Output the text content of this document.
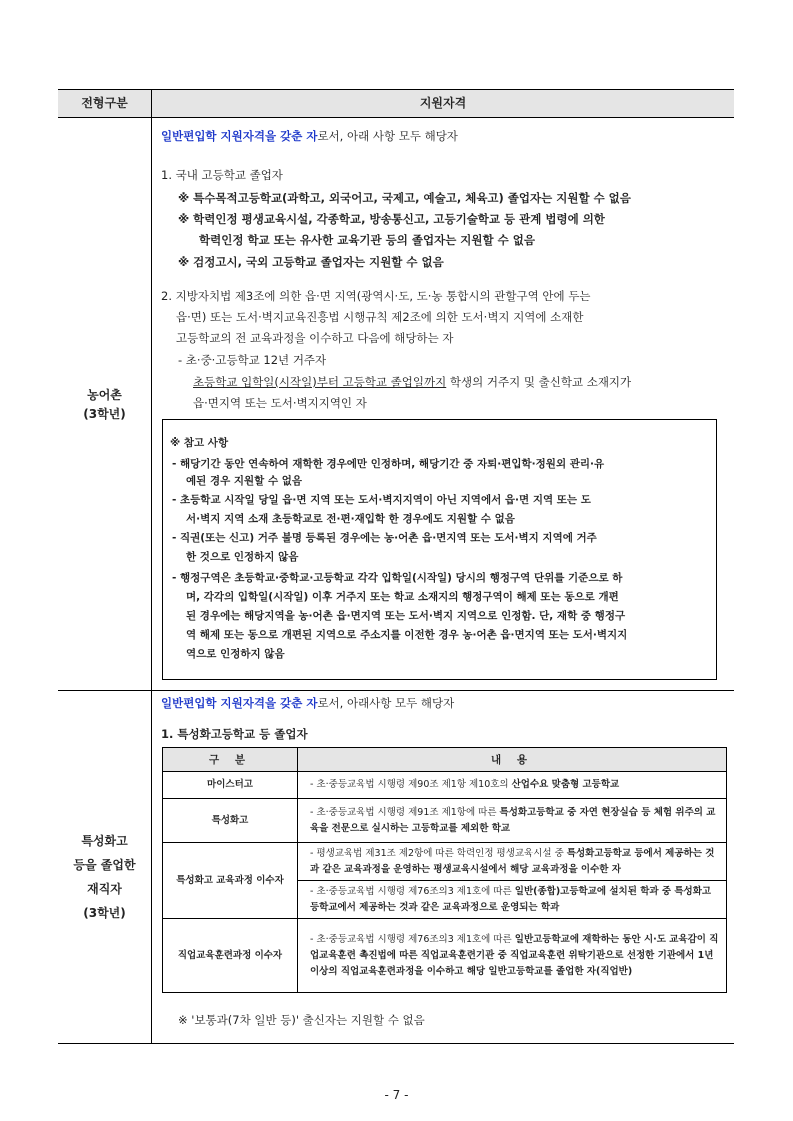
전형구분	지원자격
농어촌
(3학년)
일반편입학 지원자격을 갖춘 자로서, 아래 사항 모두 해당자
1. 국내 고등학교 졸업자
※ 특수목적고등학교(과학고, 외국어고, 국제고, 예술고, 체육고) 졸업자는 지원할 수 없음
※ 학력인정 평생교육시설, 각종학교, 방송통신고, 고등기술학교 등 관계 법령에 의한
학력인정 학교 또는 유사한 교육기관 등의 졸업자는 지원할 수 없음
※ 검정고시, 국외 고등학교 졸업자는 지원할 수 없음
2. 지방자치법 제3조에 의한 읍·면 지역(광역시·도, 도·농 통합시의 관할구역 안에 두는
읍·면) 또는 도서·벽지교육진흥법 시행규칙 제2조에 의한 도서·벽지 지역에 소재한
고등학교의 전 교육과정을 이수하고 다음에 해당하는 자
- 초·중·고등학교 12년 거주자
초등학교 입학일(시작일)부터 고등학교 졸업일까지 학생의 거주지 및 출신학교 소재지가
읍·면지역 또는 도서·벽지지역인 자
※ 참고 사항
- 해당기간 동안 연속하여 재학한 경우에만 인정하며, 해당기간 중 자퇴·편입학·정원외 관리·유
예된 경우 지원할 수 없음
- 초등학교 시작일 당일 읍·면 지역 또는 도서·벽지지역이 아닌 지역에서 읍·면 지역 또는 도
서·벽지 지역 소재 초등학교로 전·편·재입학 한 경우에도 지원할 수 없음
- 직권(또는 신고) 거주 불명 등록된 경우에는 농·어촌 읍·면지역 또는 도서·벽지 지역에 거주
한 것으로 인정하지 않음
- 행정구역은 초등학교·중학교·고등학교 각각 입학일(시작일) 당시의 행정구역 단위를 기준으로 하
며, 각각의 입학일(시작일) 이후 거주지 또는 학교 소재지의 행정구역이 해제 또는 동으로 개편
된 경우에는 해당지역을 농·어촌 읍·면지역 또는 도서·벽지 지역으로 인정함. 단, 재학 중 행정구
역 해제 또는 동으로 개편된 지역으로 주소지를 이전한 경우 농·어촌 읍·면지역 또는 도서·벽지지
역으로 인정하지 않음
특성화고
등을 졸업한
재직자
(3학년)
일반편입학 지원자격을 갖춘 자로서, 아래사항 모두 해당자
1. 특성화고등학교 등 졸업자
구 분	내 용
마이스터고	- 초·중등교육법 시행령 제90조 제1항 제10호의 산업수요 맞춤형 고등학교
특성화고	- 초·중등교육법 시행령 제91조 제1항에 따른 특성화고등학교 중 자연 현장실습 등 체험 위주의 교육을 전문으로 실시하는 고등학교를 제외한 학교
특성화고 교육과정 이수자	- 평생교육법 제31조 제2항에 따른 학력인정 평생교육시설 중 특성화고등학교 등에서 제공하는 것과 같은 교육과정을 운영하는 평생교육시설에서 해당 교육과정을 이수한 자
	- 초·중등교육법 시행령 제76조의3 제1호에 따른 일반(종합)고등학교에 설치된 학과 중 특성화고등학교에서 제공하는 것과 같은 교육과정으로 운영되는 학과
직업교육훈련과정 이수자	- 초·중등교육법 시행령 제76조의3 제1호에 따른 일반고등학교에 재학하는 동안 시·도 교육감이 직업교육훈련 촉진법에 따른 직업교육훈련기관 중 직업교육훈련 위탁기관으로 선정한 기관에서 1년 이상의 직업교육훈련과정을 이수하고 해당 일반고등학교를 졸업한 자(직업반)
※ '보통과(7차 일반 등)' 출신자는 지원할 수 없음
- 7 -
